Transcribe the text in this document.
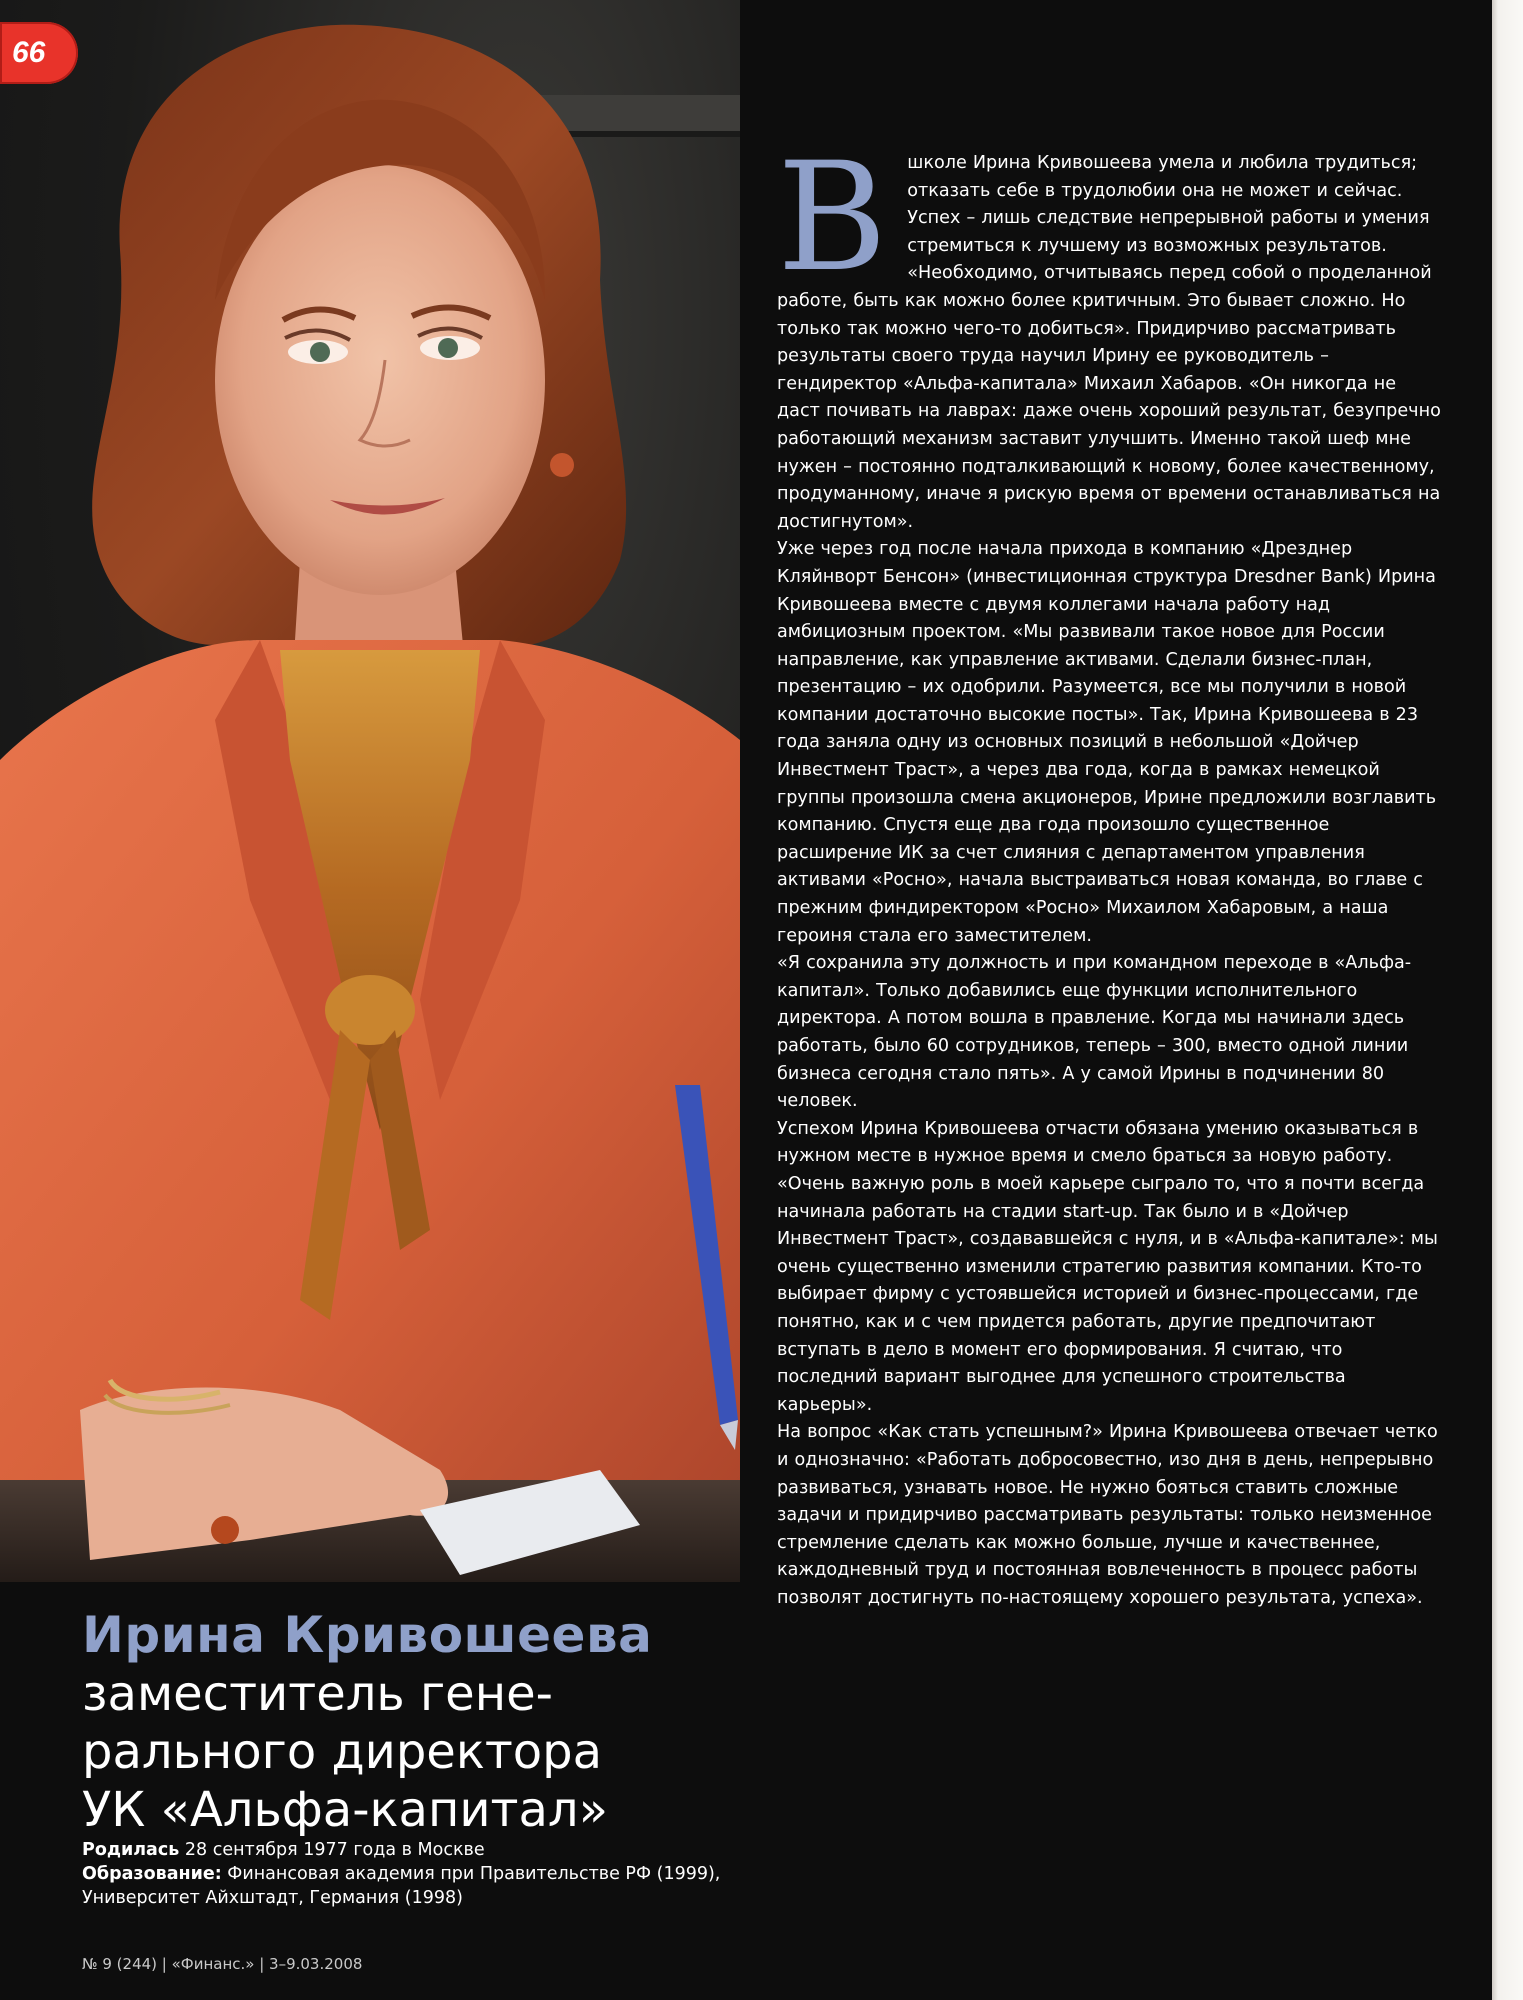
66
Ирина Кривошеева
заместитель гене-
рального директора
УК «Альфа-капитал»
Родилась 28 сентября 1977 года в Москве
Образование: Финансовая академия при Правительстве РФ (1999),
Университет Айхштадт, Германия (1998)
№ 9 (244) | «Финанс.» | 3–9.03.2008
В	школе Ирина Кривошеева умела и любила трудиться; отказать себе в трудолюбии она не может и сейчас. Успех – лишь следствие непрерывной работы и умения стремиться к лучшему из возможных результатов. «Необходимо, отчитываясь перед собой о проделанной работе, быть как можно более критичным. Это бывает сложно. Но только так можно чего-то добиться». Придирчиво рассматривать результаты своего труда научил Ирину ее руководитель – гендиректор «Альфа-капитала» Михаил Хабаров. «Он никогда не даст почивать на лаврах: даже очень хороший результат, безупречно работающий механизм заставит улучшить. Именно такой шеф мне нужен – постоянно подталкивающий к новому, более качественному, продуманному, иначе я рискую время от времени останавливаться на достигнутом».

Уже через год после начала прихода в компанию «Дрезднер Кляйнворт Бенсон» (инвестиционная структура Dresdner Bank) Ирина Кривошеева вместе с двумя коллегами начала работу над амбициозным проектом. «Мы развивали такое новое для России направление, как управление активами. Сделали бизнес-план, презентацию – их одобрили. Разумеется, все мы получили в новой компании достаточно высокие посты». Так, Ирина Кривошеева в 23 года заняла одну из основных позиций в небольшой «Дойчер Инвестмент Траст», а через два года, когда в рамках немецкой группы произошла смена акционеров, Ирине предложили возглавить компанию. Спустя еще два года произошло существенное расширение ИК за счет слияния с департаментом управления активами «Росно», начала выстраиваться новая команда, во главе с прежним финдиректором «Росно» Михаилом Хабаровым, а наша героиня стала его заместителем.

«Я сохранила эту должность и при командном переходе в «Альфа-капитал». Только добавились еще функции исполнительного директора. А потом вошла в правление. Когда мы начинали здесь работать, было 60 сотрудников, теперь – 300, вместо одной линии бизнеса сегодня стало пять». А у самой Ирины в подчинении 80 человек.

Успехом Ирина Кривошеева отчасти обязана умению оказываться в нужном месте в нужное время и смело браться за новую работу. «Очень важную роль в моей карьере сыграло то, что я почти всегда начинала работать на стадии start-up. Так было и в «Дойчер Инвестмент Траст», создававшейся с нуля, и в «Альфа-капитале»: мы очень существенно изменили стратегию развития компании. Кто-то выбирает фирму с устоявшейся историей и бизнес-процессами, где понятно, как и с чем придется работать, другие предпочитают вступать в дело в момент его формирования. Я считаю, что последний вариант выгоднее для успешного строительства карьеры».

На вопрос «Как стать успешным?» Ирина Кривошеева отвечает четко и однозначно: «Работать добросовестно, изо дня в день, непрерывно развиваться, узнавать новое. Не нужно бояться ставить сложные задачи и придирчиво рассматривать результаты: только неизменное стремление сделать как можно больше, лучше и качественнее, каждодневный труд и постоянная вовлеченность в процесс работы позволят достигнуть по-настоящему хорошего результата, успеха».
